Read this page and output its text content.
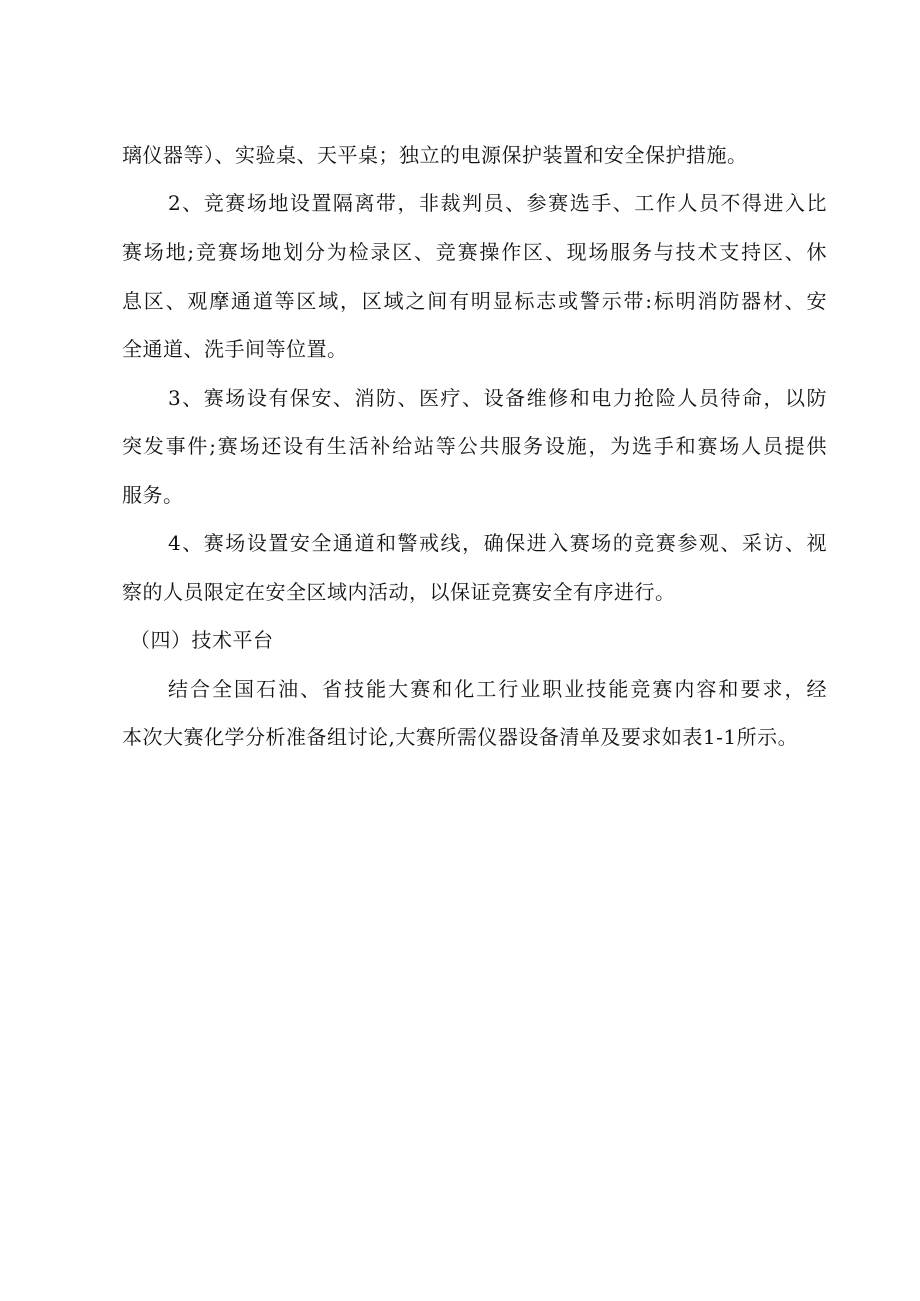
璃仪器等）、实验桌、天平桌；独立的电源保护装置和安全保护措施。
2、竞赛场地设置隔离带，非裁判员、参赛选手、工作人员不得进入比
赛场地;竞赛场地划分为检录区、竞赛操作区、现场服务与技术支持区、休
息区、观摩通道等区域，区域之间有明显标志或警示带:标明消防器材、安
全通道、洗手间等位置。
3、赛场设有保安、消防、医疗、设备维修和电力抢险人员待命，以防
突发事件;赛场还设有生活补给站等公共服务设施，为选手和赛场人员提供
服务。
4、赛场设置安全通道和警戒线，确保进入赛场的竞赛参观、采访、视
察的人员限定在安全区域内活动，以保证竞赛安全有序进行。
（四）技术平台
结合全国石油、省技能大赛和化工行业职业技能竞赛内容和要求，经
本次大赛化学分析准备组讨论,大赛所需仪器设备清单及要求如表1-1所示。
